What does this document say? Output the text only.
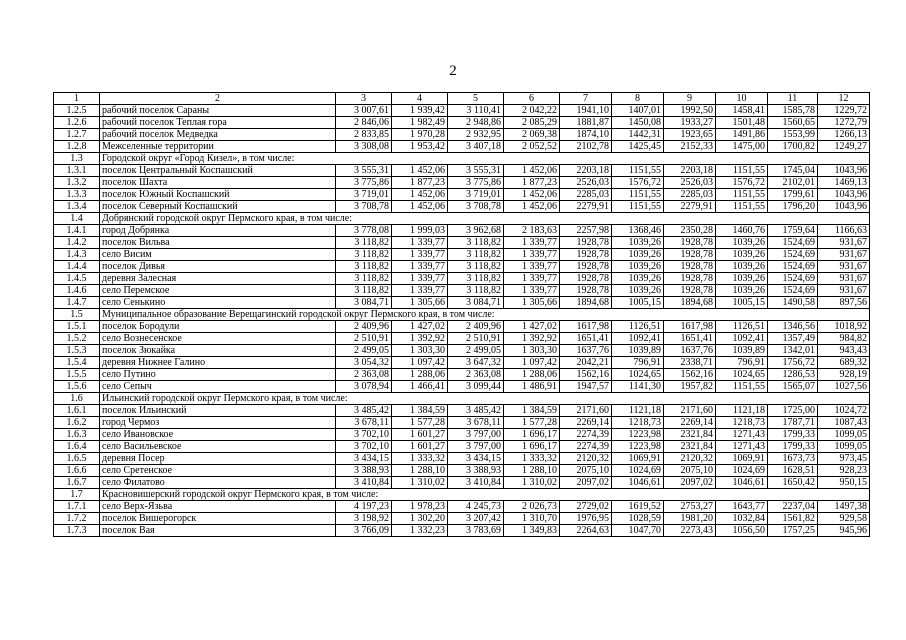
2
1	2	3	4	5	6	7	8	9	10	11	12
1.2.5	рабочий поселок Сараны	3 007,61	1 939,42	3 110,41	2 042,22	1941,10	1407,01	1992,50	1458,41	1585,78	1229,72
1.2.6	рабочий поселок Теплая гора	2 846,06	1 982,49	2 948,86	2 085,29	1881,87	1450,08	1933,27	1501,48	1560,65	1272,79
1.2.7	рабочий поселок Медведка	2 833,85	1 970,28	2 932,95	2 069,38	1874,10	1442,31	1923,65	1491,86	1553,99	1266,13
1.2.8	Межселенные территории	3 308,08	1 953,42	3 407,18	2 052,52	2102,78	1425,45	2152,33	1475,00	1700,82	1249,27
1.3	Городской округ «Город Кизел», в том числе:										
1.3.1	поселок Центральный Коспашский	3 555,31	1 452,06	3 555,31	1 452,06	2203,18	1151,55	2203,18	1151,55	1745,04	1043,96
1.3.2	поселок Шахта	3 775,86	1 877,23	3 775,86	1 877,23	2526,03	1576,72	2526,03	1576,72	2102,01	1469,13
1.3.3	поселок Южный Коспашский	3 719,01	1 452,06	3 719,01	1 452,06	2285,03	1151,55	2285,03	1151,55	1799,61	1043,96
1.3.4	поселок Северный Коспашский	3 708,78	1 452,06	3 708,78	1 452,06	2279,91	1151,55	2279,91	1151,55	1796,20	1043,96
1.4	Добрянский городской округ Пермского края, в том числе:										
1.4.1	город Добрянка	3 778,08	1 999,03	3 962,68	2 183,63	2257,98	1368,46	2350,28	1460,76	1759,64	1166,63
1.4.2	поселок Вильва	3 118,82	1 339,77	3 118,82	1 339,77	1928,78	1039,26	1928,78	1039,26	1524,69	931,67
1.4.3	село Висим	3 118,82	1 339,77	3 118,82	1 339,77	1928,78	1039,26	1928,78	1039,26	1524,69	931,67
1.4.4	поселок Дивья	3 118,82	1 339,77	3 118,82	1 339,77	1928,78	1039,26	1928,78	1039,26	1524,69	931,67
1.4.5	деревня Залесная	3 118,82	1 339,77	3 118,82	1 339,77	1928,78	1039,26	1928,78	1039,26	1524,69	931,67
1.4.6	село Перемское	3 118,82	1 339,77	3 118,82	1 339,77	1928,78	1039,26	1928,78	1039,26	1524,69	931,67
1.4.7	село Сенькино	3 084,71	1 305,66	3 084,71	1 305,66	1894,68	1005,15	1894,68	1005,15	1490,58	897,56
1.5	Муниципальное образование Верещагинский городской округ Пермского края, в том числе:										
1.5.1	поселок Бородули	2 409,96	1 427,02	2 409,96	1 427,02	1617,98	1126,51	1617,98	1126,51	1346,56	1018,92
1.5.2	село Вознесенское	2 510,91	1 392,92	2 510,91	1 392,92	1651,41	1092,41	1651,41	1092,41	1357,49	984,82
1.5.3	поселок Зюкайка	2 499,05	1 303,30	2 499,05	1 303,30	1637,76	1039,89	1637,76	1039,89	1342,01	943,43
1.5.4	деревня Нижнее Галино	3 054,32	1 097,42	3 647,32	1 097,42	2042,21	796,91	2338,71	796,91	1756,72	689,32
1.5.5	село Путино	2 363,08	1 288,06	2 363,08	1 288,06	1562,16	1024,65	1562,16	1024,65	1286,53	928,19
1.5.6	село Сепыч	3 078,94	1 466,41	3 099,44	1 486,91	1947,57	1141,30	1957,82	1151,55	1565,07	1027,56
1.6	Ильинский городской округ Пермского края, в том числе:										
1.6.1	поселок Ильинский	3 485,42	1 384,59	3 485,42	1 384,59	2171,60	1121,18	2171,60	1121,18	1725,00	1024,72
1.6.2	город Чермоз	3 678,11	1 577,28	3 678,11	1 577,28	2269,14	1218,73	2269,14	1218,73	1787,71	1087,43
1.6.3	село Ивановское	3 702,10	1 601,27	3 797,00	1 696,17	2274,39	1223,98	2321,84	1271,43	1799,33	1099,05
1.6.4	село Васильевское	3 702,10	1 601,27	3 797,00	1 696,17	2274,39	1223,98	2321,84	1271,43	1799,33	1099,05
1.6.5	деревня Посер	3 434,15	1 333,32	3 434,15	1 333,32	2120,32	1069,91	2120,32	1069,91	1673,73	973,45
1.6.6	село Сретенское	3 388,93	1 288,10	3 388,93	1 288,10	2075,10	1024,69	2075,10	1024,69	1628,51	928,23
1.6.7	село Филатово	3 410,84	1 310,02	3 410,84	1 310,02	2097,02	1046,61	2097,02	1046,61	1650,42	950,15
1.7	Красновишерский городской округ Пермского края, в том числе:										
1.7.1	село Верх-Язьва	4 197,23	1 978,23	4 245,73	2 026,73	2729,02	1619,52	2753,27	1643,77	2237,04	1497,38
1.7.2	поселок Вишерогорск	3 198,92	1 302,20	3 207,42	1 310,70	1976,95	1028,59	1981,20	1032,84	1561,82	929,58
1.7.3	поселок Вая	3 766,09	1 332,23	3 783,69	1 349,83	2264,63	1047,70	2273,43	1056,50	1757,25	945,96
